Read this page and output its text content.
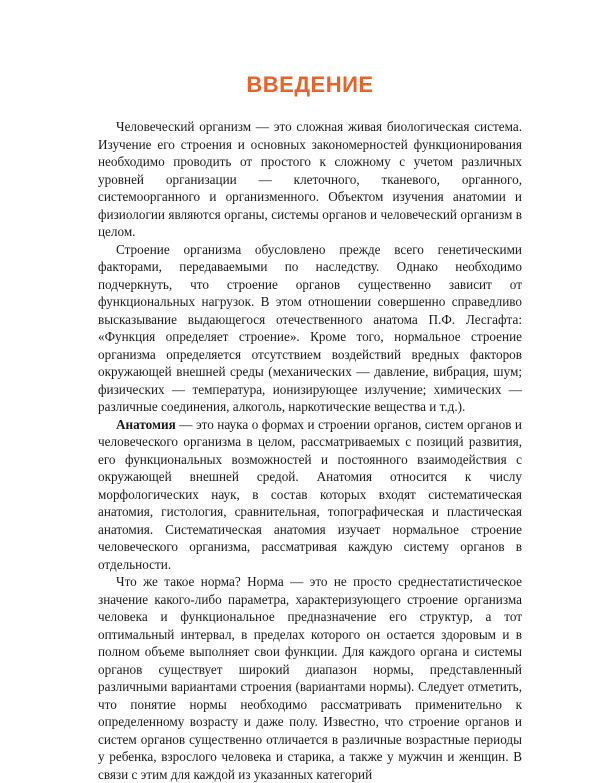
ВВЕДЕНИЕ

Человеческий организм — это сложная живая биологическая система. Изучение его строения и основных закономерностей функционирования необходимо проводить от простого к сложному с учетом различных уровней организации — клеточного, тканевого, органного, системоорганного и организменного. Объектом изучения анатомии и физиологии являются органы, системы органов и человеческий организм в целом.

Строение организма обусловлено прежде всего генетическими факторами, передаваемыми по наследству. Однако необходимо подчеркнуть, что строение органов существенно зависит от функциональных нагрузок. В этом отношении совершенно справедливо высказывание выдающегося отечественного анатома П.Ф. Лесгафта: «Функция определяет строение». Кроме того, нормальное строение организма определяется отсутствием воздействий вредных факторов окружающей внешней среды (механических — давление, вибрация, шум; физических — температура, ионизирующее излучение; химических — различные соединения, алкоголь, наркотические вещества и т.д.).

Анатомия — это наука о формах и строении органов, систем органов и человеческого организма в целом, рассматриваемых с позиций развития, его функциональных возможностей и постоянного взаимодействия с окружающей внешней средой. Анатомия относится к числу морфологических наук, в состав которых входят систематическая анатомия, гистология, сравнительная, топографическая и пластическая анатомия. Систематическая анатомия изучает нормальное строение человеческого организма, рассматривая каждую систему органов в отдельности.

Что же такое норма? Норма — это не просто среднестатистическое значение какого-либо параметра, характеризующего строение организма человека и функциональное предназначение его структур, а тот оптимальный интервал, в пределах которого он остается здоровым и в полном объеме выполняет свои функции. Для каждого органа и системы органов существует широкий диапазон нормы, представленный различными вариантами строения (вариантами нормы). Следует отметить, что понятие нормы необходимо рассматривать применительно к определенному возрасту и даже полу. Известно, что строение органов и систем органов существенно отличается в различные возрастные периоды у ребенка, взрослого человека и старика, а также у мужчин и женщин. В связи с этим для каждой из указанных категорий
